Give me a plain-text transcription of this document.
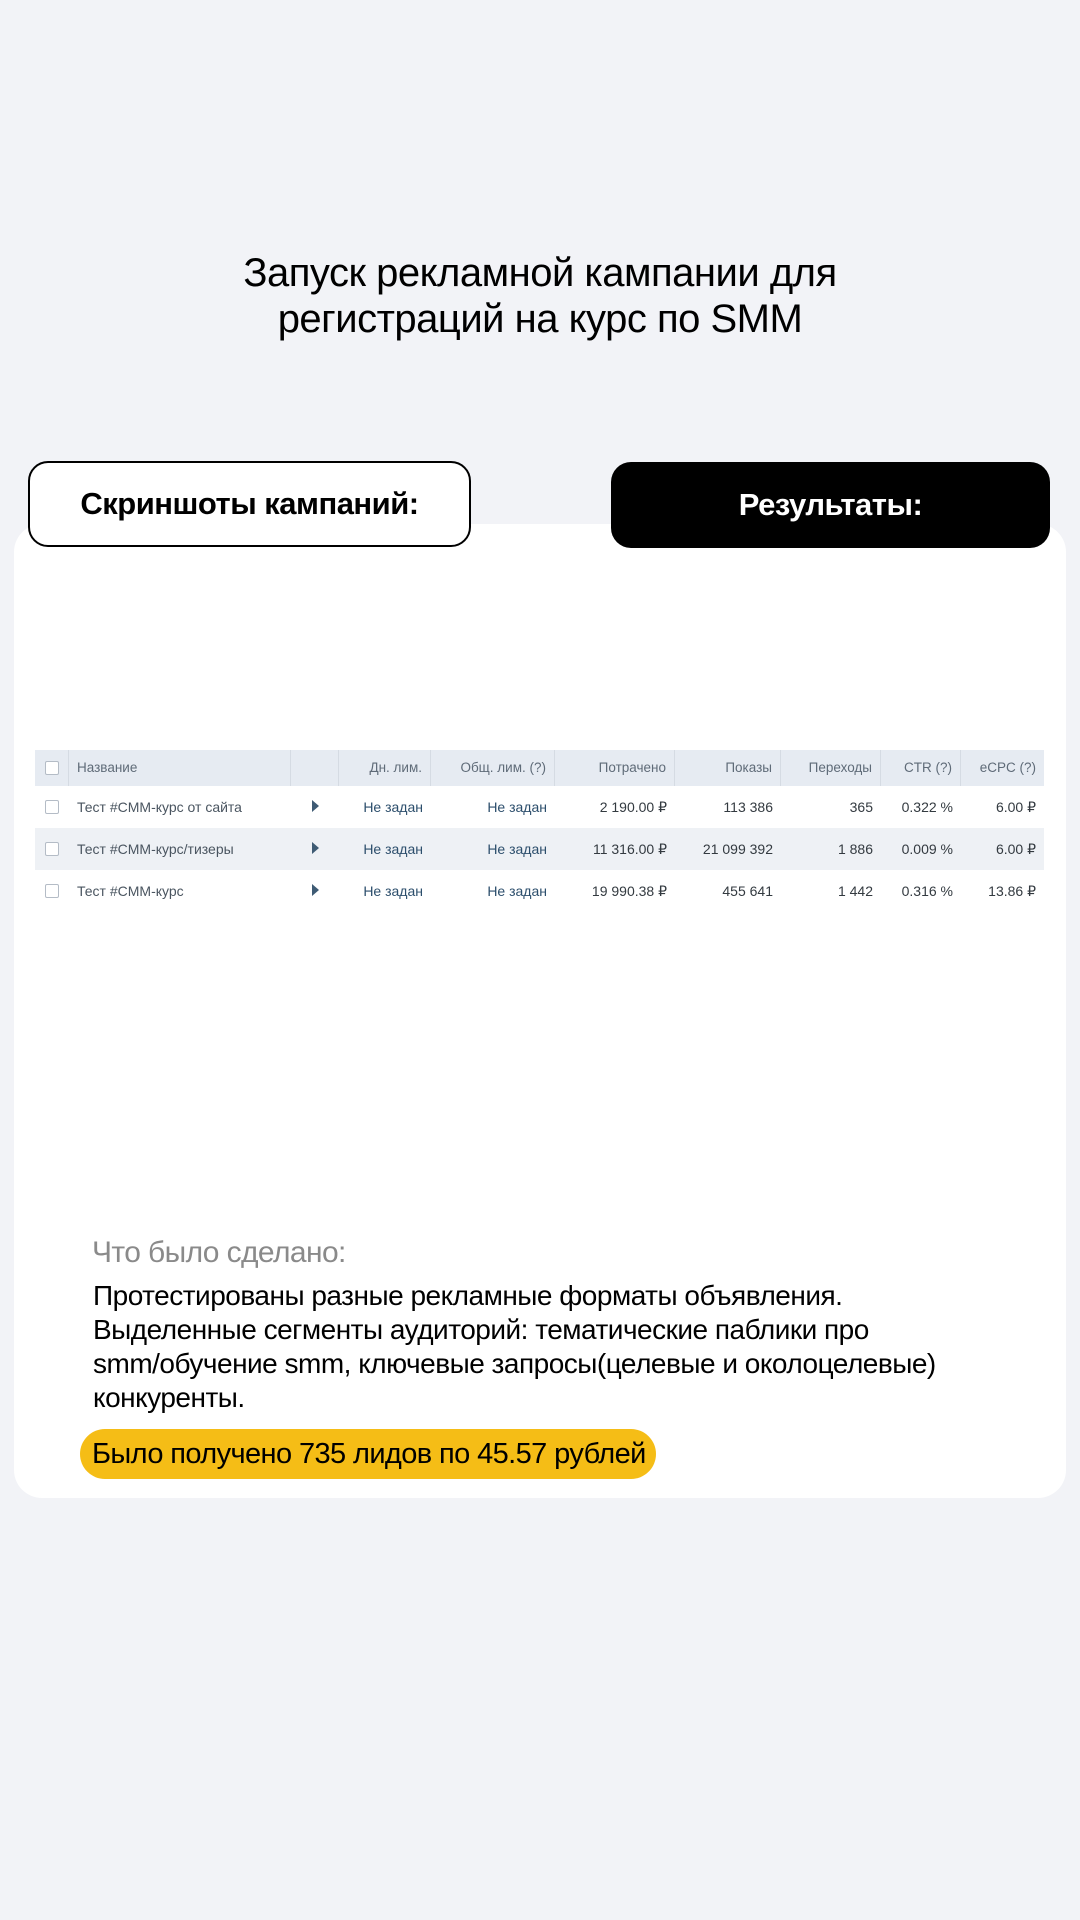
Запуск рекламной кампании для
регистраций на курс по SMM
Скриншоты кампаний:	Результаты:
Название	Дн. лим.	Общ. лим. (?)	Потрачено	Показы	Переходы	CTR (?)	eCPC (?)
Тест #CMM-курс от сайта	Не задан	Не задан	2 190.00 ₽	113 386	365	0.322 %	6.00 ₽
Тест #CMM-курс/тизеры	Не задан	Не задан	11 316.00 ₽	21 099 392	1 886	0.009 %	6.00 ₽
Тест #CMM-курс	Не задан	Не задан	19 990.38 ₽	455 641	1 442	0.316 %	13.86 ₽
Что было сделано:
Протестированы разные рекламные форматы объявления.
Выделенные сегменты аудиторий: тематические паблики про
smm/обучение smm, ключевые запросы(целевые и околоцелевые)
конкуренты.
Было получено 735 лидов по 45.57 рублей
